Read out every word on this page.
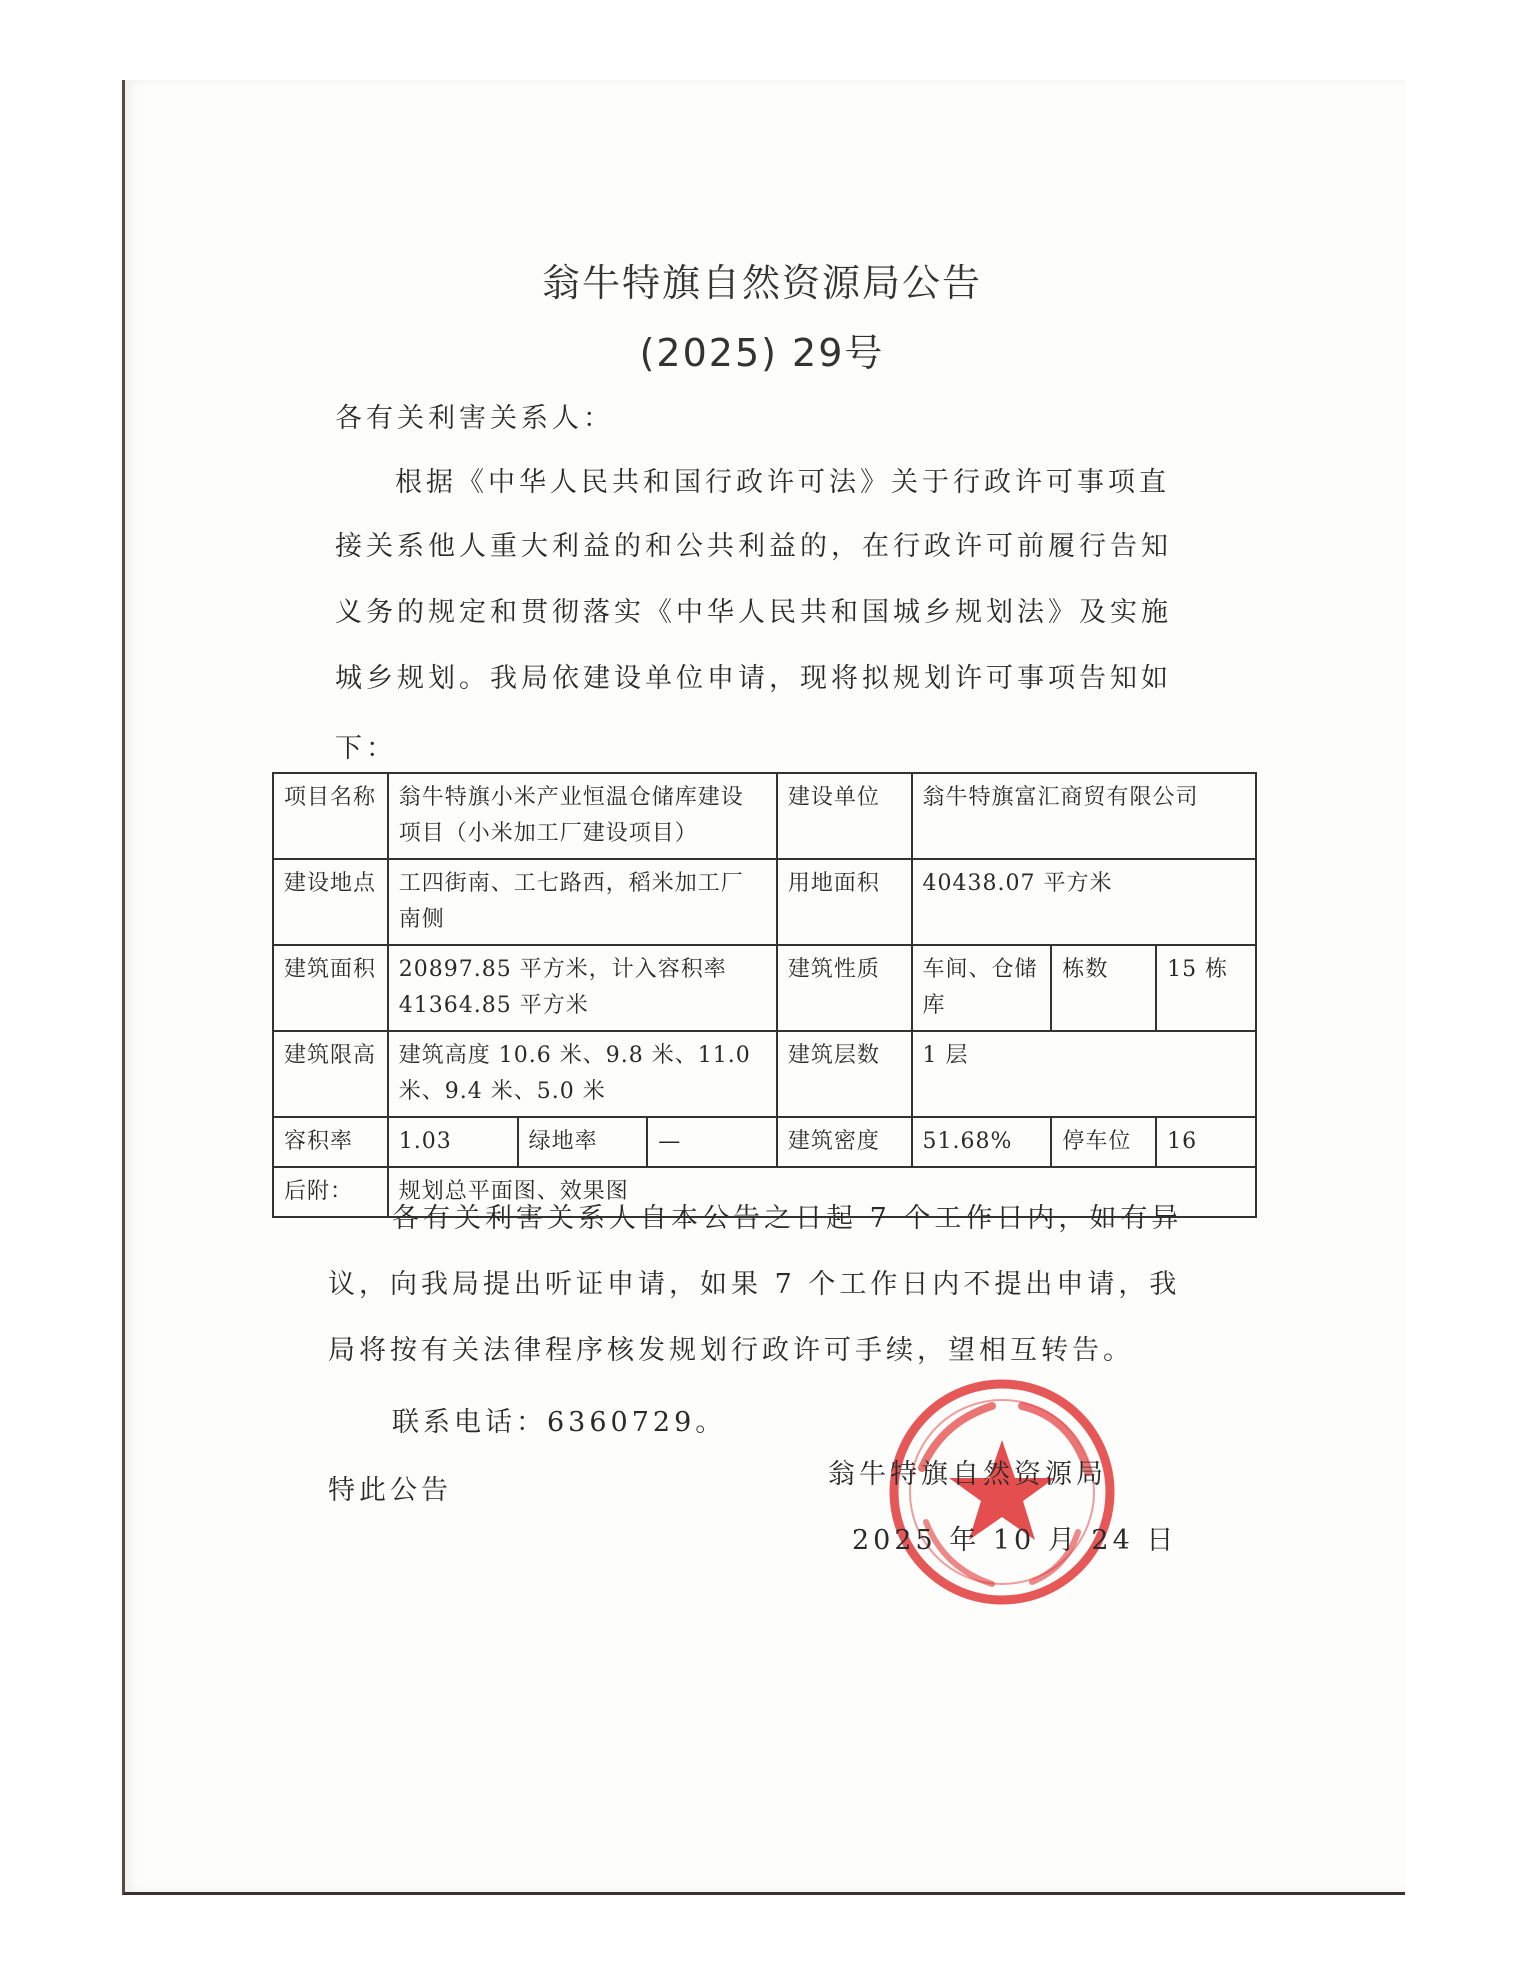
翁牛特旗自然资源局公告
(2025) 29号
各有关利害关系人：
根据《中华人民共和国行政许可法》关于行政许可事项直
接关系他人重大利益的和公共利益的，在行政许可前履行告知
义务的规定和贯彻落实《中华人民共和国城乡规划法》及实施
城乡规划。我局依建设单位申请，现将拟规划许可事项告知如
下：
项目名称	翁牛特旗小米产业恒温仓储库建设项目（小米加工厂建设项目）			建设单位	翁牛特旗富汇商贸有限公司		
建设地点	工四街南、工七路西，稻米加工厂南侧			用地面积	40438.07 平方米		
建筑面积	20897.85 平方米，计入容积率 41364.85 平方米			建筑性质	车间、仓储库	栋数	15 栋
建筑限高	建筑高度 10.6 米、9.8 米、11.0 米、9.4 米、5.0 米			建筑层数	1 层		
容积率	1.03	绿地率	—	建筑密度	51.68%	停车位	16
后附：	规划总平面图、效果图						
各有关利害关系人自本公告之日起 7 个工作日内，如有异
议，向我局提出听证申请，如果 7 个工作日内不提出申请，我
局将按有关法律程序核发规划行政许可手续，望相互转告。
联系电话：6360729。
特此公告
翁牛特旗自然资源局
2025 年 10 月 24 日
